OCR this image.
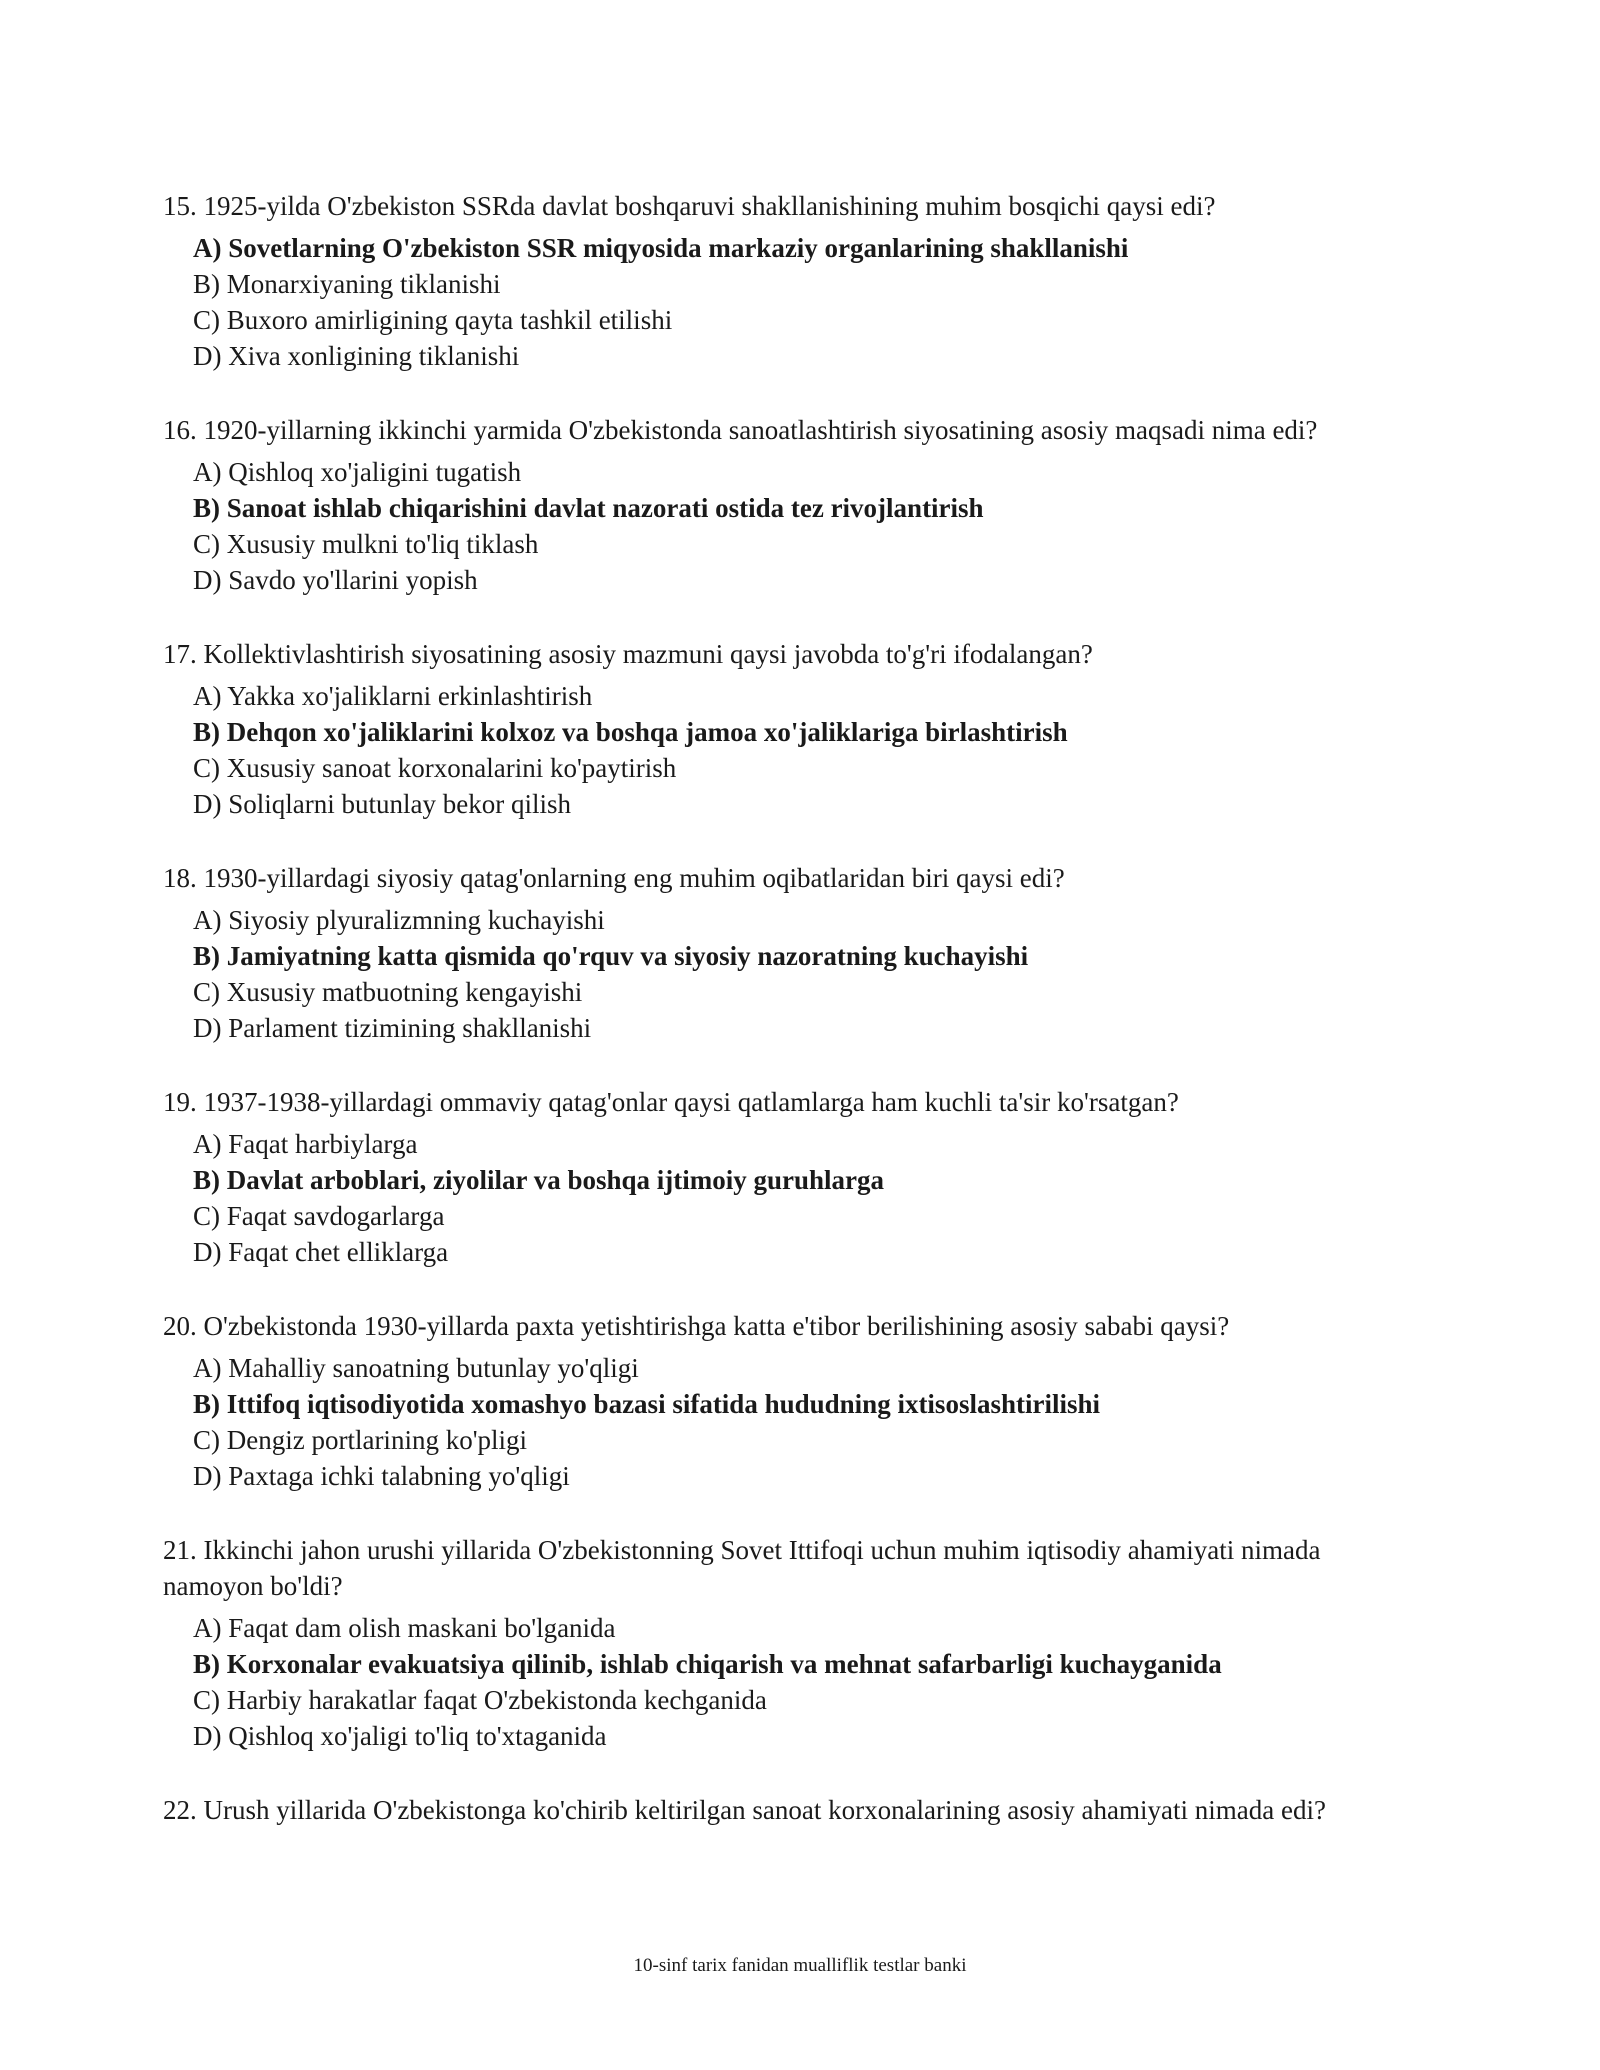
15. 1925-yilda O'zbekiston SSRda davlat boshqaruvi shakllanishining muhim bosqichi qaysi edi?
A) Sovetlarning O'zbekiston SSR miqyosida markaziy organlarining shakllanishi
B) Monarxiyaning tiklanishi
C) Buxoro amirligining qayta tashkil etilishi
D) Xiva xonligining tiklanishi
16. 1920-yillarning ikkinchi yarmida O'zbekistonda sanoatlashtirish siyosatining asosiy maqsadi nima edi?
A) Qishloq xo'jaligini tugatish
B) Sanoat ishlab chiqarishini davlat nazorati ostida tez rivojlantirish
C) Xususiy mulkni to'liq tiklash
D) Savdo yo'llarini yopish
17. Kollektivlashtirish siyosatining asosiy mazmuni qaysi javobda to'g'ri ifodalangan?
A) Yakka xo'jaliklarni erkinlashtirish
B) Dehqon xo'jaliklarini kolxoz va boshqa jamoa xo'jaliklariga birlashtirish
C) Xususiy sanoat korxonalarini ko'paytirish
D) Soliqlarni butunlay bekor qilish
18. 1930-yillardagi siyosiy qatag'onlarning eng muhim oqibatlaridan biri qaysi edi?
A) Siyosiy plyuralizmning kuchayishi
B) Jamiyatning katta qismida qo'rquv va siyosiy nazoratning kuchayishi
C) Xususiy matbuotning kengayishi
D) Parlament tizimining shakllanishi
19. 1937-1938-yillardagi ommaviy qatag'onlar qaysi qatlamlarga ham kuchli ta'sir ko'rsatgan?
A) Faqat harbiylarga
B) Davlat arboblari, ziyolilar va boshqa ijtimoiy guruhlarga
C) Faqat savdogarlarga
D) Faqat chet elliklarga
20. O'zbekistonda 1930-yillarda paxta yetishtirishga katta e'tibor berilishining asosiy sababi qaysi?
A) Mahalliy sanoatning butunlay yo'qligi
B) Ittifoq iqtisodiyotida xomashyo bazasi sifatida hududning ixtisoslashtirilishi
C) Dengiz portlarining ko'pligi
D) Paxtaga ichki talabning yo'qligi
21. Ikkinchi jahon urushi yillarida O'zbekistonning Sovet Ittifoqi uchun muhim iqtisodiy ahamiyati nimada namoyon bo'ldi?
A) Faqat dam olish maskani bo'lganida
B) Korxonalar evakuatsiya qilinib, ishlab chiqarish va mehnat safarbarligi kuchayganida
C) Harbiy harakatlar faqat O'zbekistonda kechganida
D) Qishloq xo'jaligi to'liq to'xtaganida
22. Urush yillarida O'zbekistonga ko'chirib keltirilgan sanoat korxonalarining asosiy ahamiyati nimada edi?
10-sinf tarix fanidan mualliflik testlar banki
